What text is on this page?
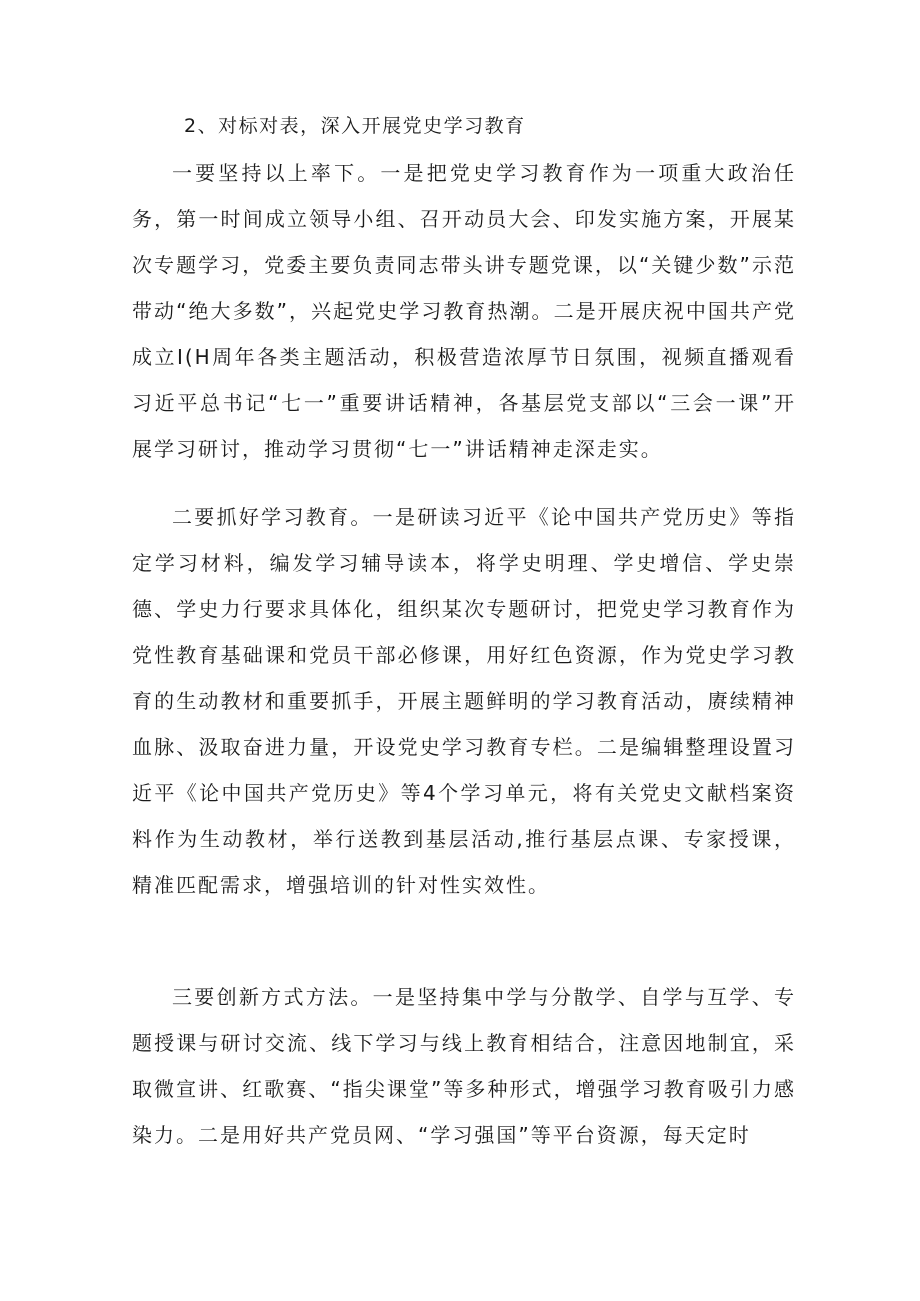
2、对标对表，深入开展党史学习教育

一要坚持以上率下。一是把党史学习教育作为一项重大政治任务，第一时间成立领导小组、召开动员大会、印发实施方案，开展某次专题学习，党委主要负责同志带头讲专题党课，以“关键少数”示范带动“绝大多数”，兴起党史学习教育热潮。二是开展庆祝中国共产党成立I(H周年各类主题活动，积极营造浓厚节日氛围，视频直播观看习近平总书记“七一”重要讲话精神，各基层党支部以“三会一课”开展学习研讨，推动学习贯彻“七一”讲话精神走深走实。

二要抓好学习教育。一是研读习近平《论中国共产党历史》等指定学习材料，编发学习辅导读本，将学史明理、学史增信、学史崇德、学史力行要求具体化，组织某次专题研讨，把党史学习教育作为党性教育基础课和党员干部必修课，用好红色资源，作为党史学习教育的生动教材和重要抓手，开展主题鲜明的学习教育活动，赓续精神血脉、汲取奋进力量，开设党史学习教育专栏。二是编辑整理设置习近平《论中国共产党历史》等4个学习单元，将有关党史文献档案资料作为生动教材，举行送教到基层活动,推行基层点课、专家授课，精准匹配需求，增强培训的针对性实效性。

三要创新方式方法。一是坚持集中学与分散学、自学与互学、专题授课与研讨交流、线下学习与线上教育相结合，注意因地制宜，采取微宣讲、红歌赛、“指尖课堂”等多种形式，增强学习教育吸引力感染力。二是用好共产党员网、“学习强国”等平台资源，每天定时
